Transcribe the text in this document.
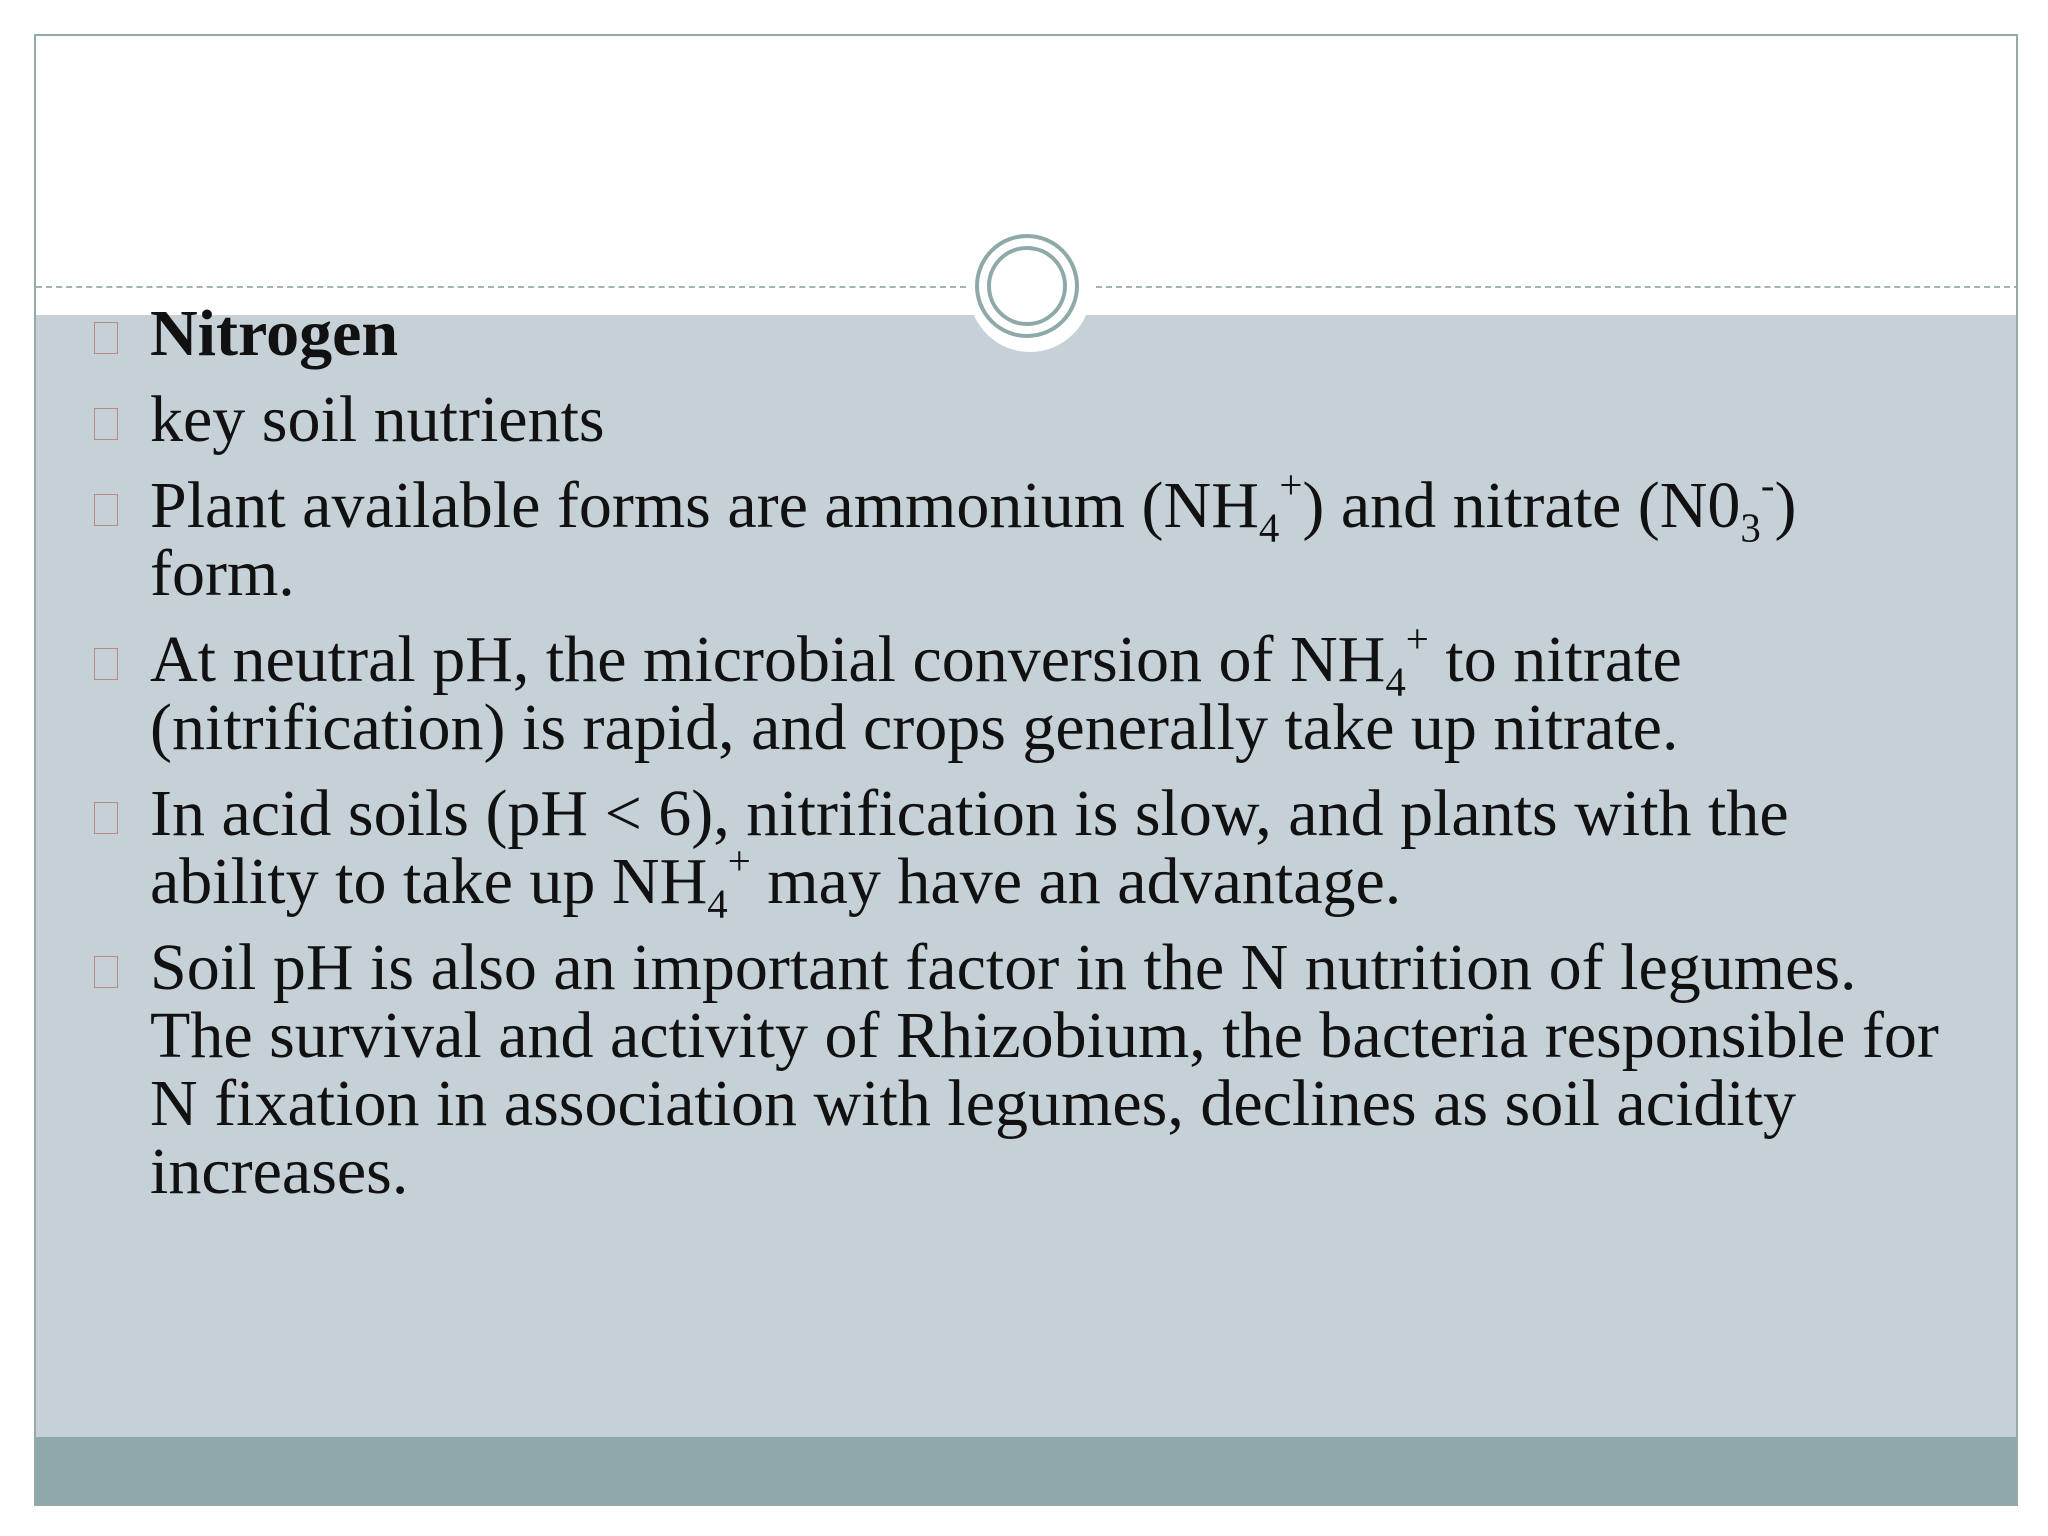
Nitrogen
key soil nutrients
Plant available forms are ammonium $(NH_4^+)$ and nitrate $(N0_3^-)$
form.
At neutral pH, the microbial conversion of $NH_4^+$ to nitrate (nitrification) is rapid, and crops generally take up nitrate.
In acid soils (pH < 6), nitrification is slow, and plants with the ability to take up $NH_4^+$ may have an advantage.
Soil pH is also an important factor in the N nutrition of legumes. The survival and activity of Rhizobium, the bacteria responsible for N fixation in association with legumes, declines as soil acidity increases.
